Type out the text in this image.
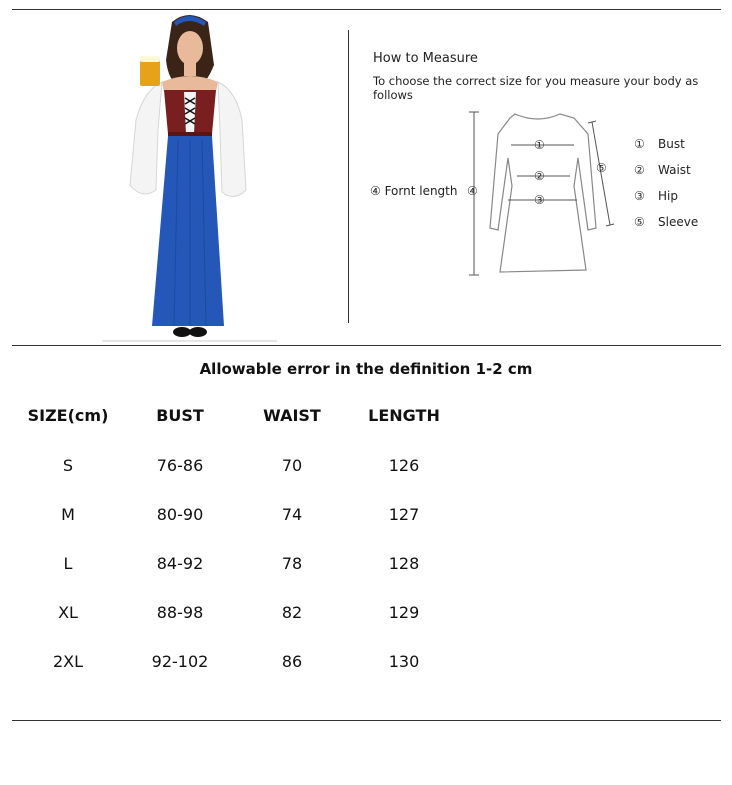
How to Measure
To choose the correct size for you measure your body as follows
④ Fornt length
①
②
③
④
⑤
① Bust
② Waist
③ Hip
⑤ Sleeve
Allowable error in the definition 1-2 cm
SIZE(cm)	BUST	WAIST	LENGTH
S	76-86	70	126
M	80-90	74	127
L	84-92	78	128
XL	88-98	82	129
2XL	92-102	86	130
